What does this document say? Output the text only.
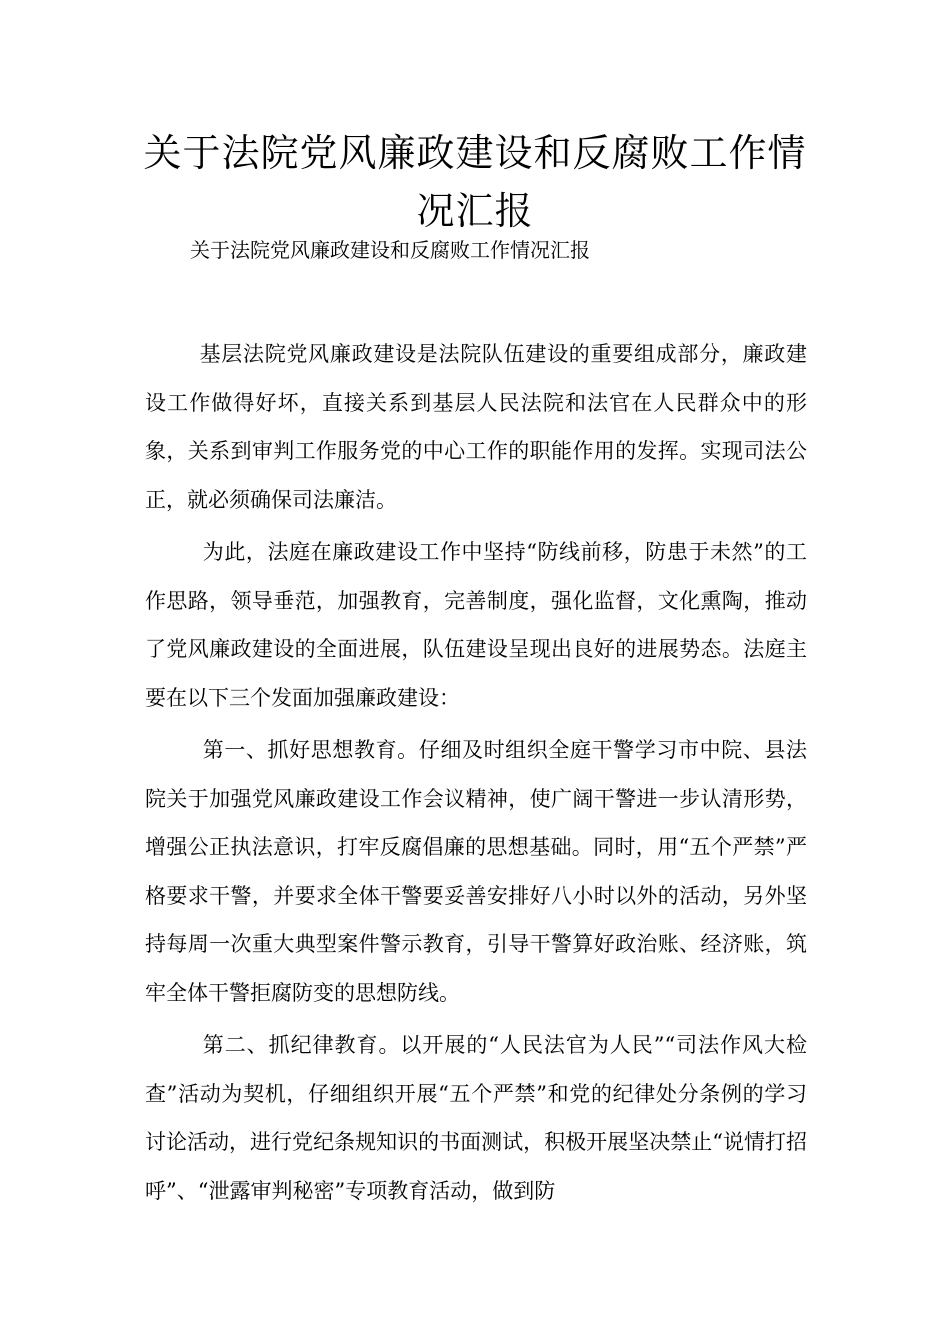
关于法院党风廉政建设和反腐败工作情况汇报
关于法院党风廉政建设和反腐败工作情况汇报

基层法院党风廉政建设是法院队伍建设的重要组成部分，廉政建设工作做得好坏，直接关系到基层人民法院和法官在人民群众中的形象，关系到审判工作服务党的中心工作的职能作用的发挥。实现司法公正，就必须确保司法廉洁。

为此，法庭在廉政建设工作中坚持“防线前移，防患于未然”的工作思路，领导垂范，加强教育，完善制度，强化监督，文化熏陶，推动了党风廉政建设的全面进展，队伍建设呈现出良好的进展势态。法庭主要在以下三个发面加强廉政建设：

第一、抓好思想教育。仔细及时组织全庭干警学习市中院、县法院关于加强党风廉政建设工作会议精神，使广阔干警进一步认清形势，增强公正执法意识，打牢反腐倡廉的思想基础。同时，用“五个严禁”严格要求干警，并要求全体干警要妥善安排好八小时以外的活动，另外坚持每周一次重大典型案件警示教育，引导干警算好政治账、经济账，筑牢全体干警拒腐防变的思想防线。

第二、抓纪律教育。以开展的“人民法官为人民”“司法作风大检查”活动为契机，仔细组织开展“五个严禁”和党的纪律处分条例的学习讨论活动，进行党纪条规知识的书面测试，积极开展坚决禁止“说情打招呼”、“泄露审判秘密”专项教育活动，做到防
